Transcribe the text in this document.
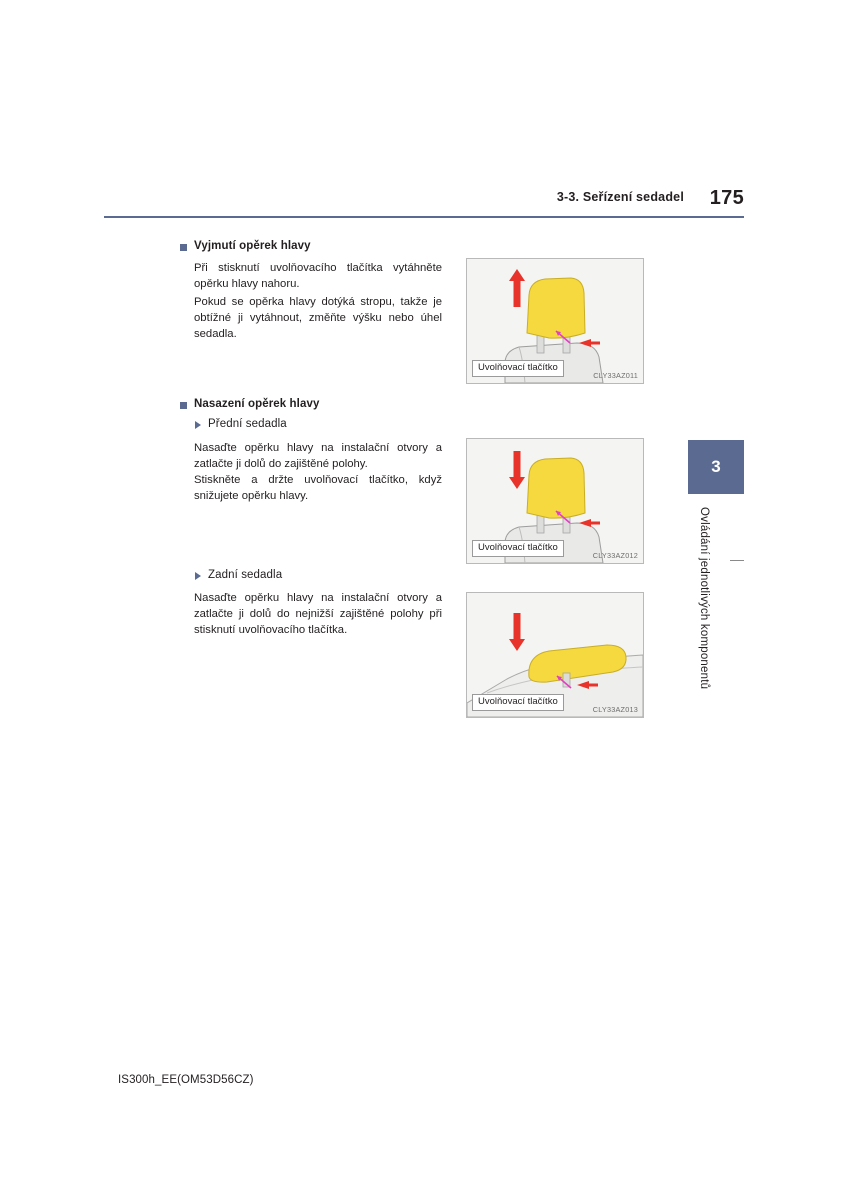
3-3. Seřízení sedadel 175
3
Ovládání jednotlivých komponentů
Vyjmutí opěrek hlavy
Při stisknutí uvolňovacího tlačítka vytáhněte opěrku hlavy nahoru.
Pokud se opěrka hlavy dotýká stropu, takže je obtížné ji vytáhnout, změňte výšku nebo úhel sedadla.
Uvolňovací tlačítko
CLY33AZ011
Nasazení opěrek hlavy
Přední sedadla
Nasaďte opěrku hlavy na instalační otvory a zatlačte ji dolů do zajištěné polohy.
Stiskněte a držte uvolňovací tlačítko, když snižujete opěrku hlavy.
Uvolňovací tlačítko
CLY33AZ012
Zadní sedadla
Nasaďte opěrku hlavy na instalační otvory a zatlačte ji dolů do nejnižší zajištěné polohy při stisknutí uvolňovacího tlačítka.
Uvolňovací tlačítko
CLY33AZ013
IS300h_EE(OM53D56CZ)
